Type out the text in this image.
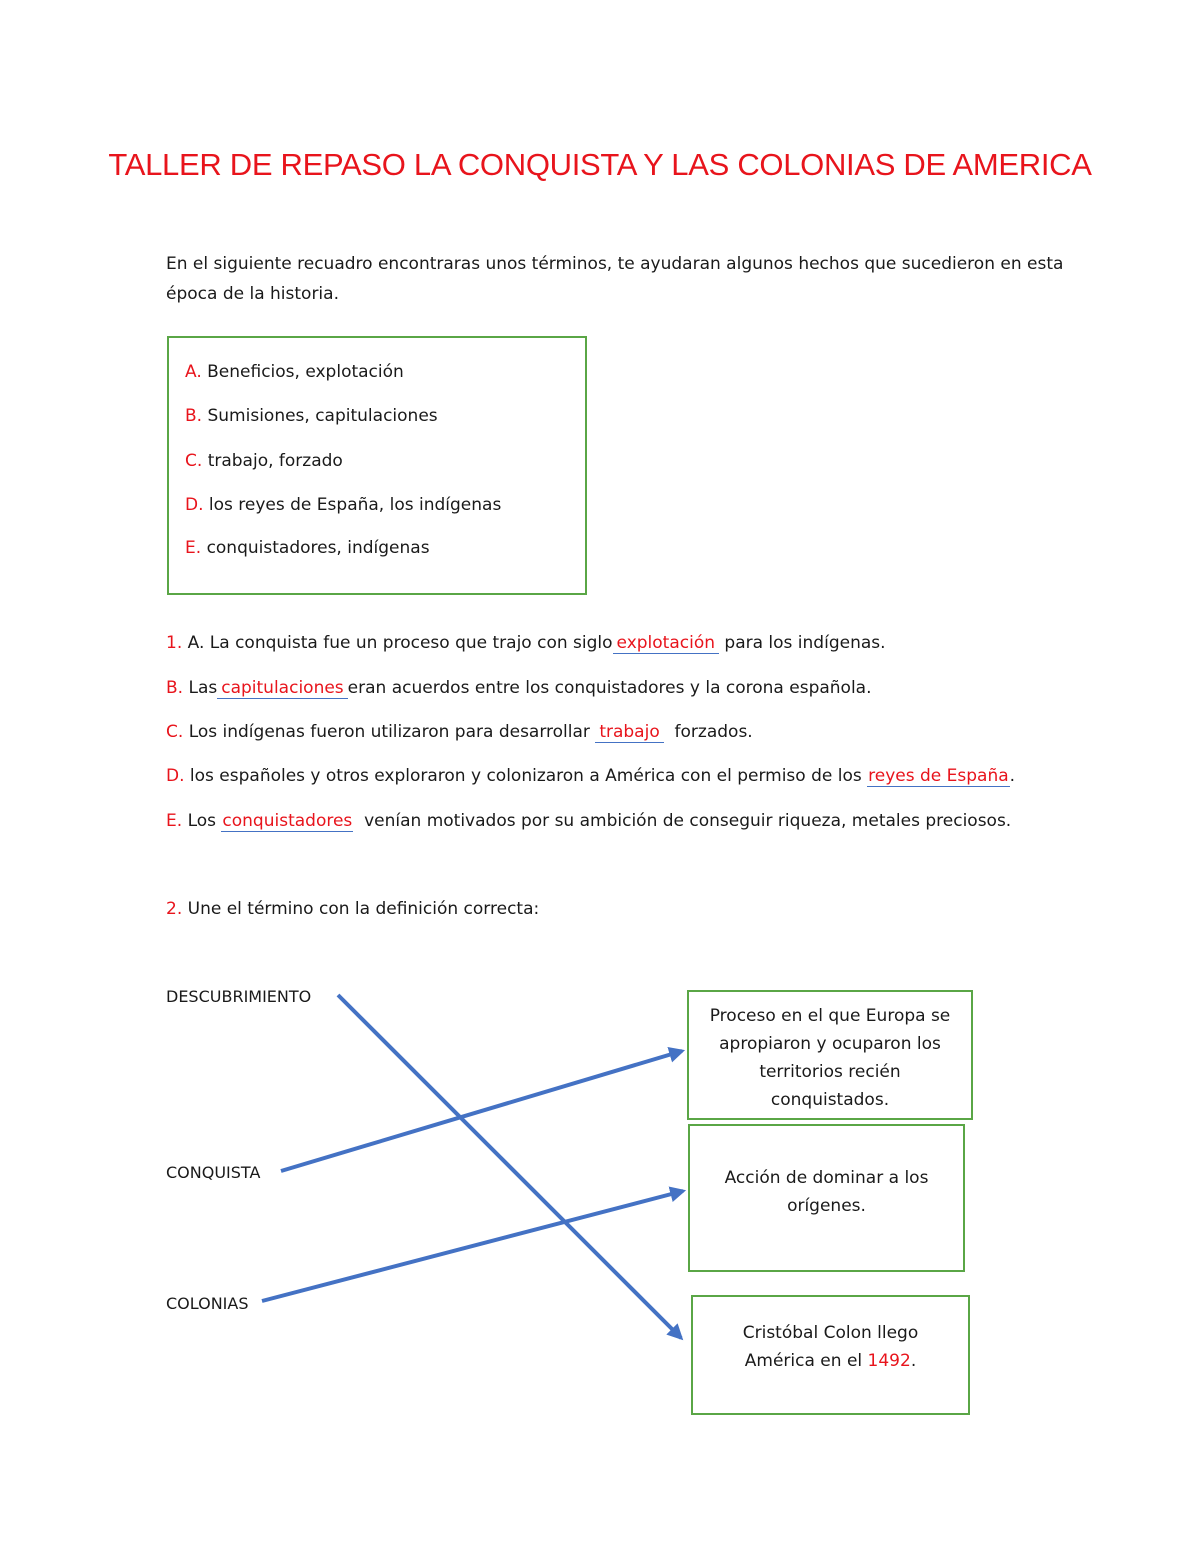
TALLER DE REPASO LA CONQUISTA Y LAS COLONIAS DE AMERICA
En el siguiente recuadro encontraras unos términos, te ayudaran algunos hechos que sucedieron en esta época de la historia.
A. Beneficios, explotación
B. Sumisiones, capitulaciones
C. trabajo, forzado
D. los reyes de España, los indígenas
E. conquistadores, indígenas
1. A. La conquista fue un proceso que trajo con siglo explotación para los indígenas.
B. Las capitulaciones eran acuerdos entre los conquistadores y la corona española.
C. Los indígenas fueron utilizaron para desarrollar trabajo forzados.
D. los españoles y otros exploraron y colonizaron a América con el permiso de los reyes de España.
E. Los conquistadores venían motivados por su ambición de conseguir riqueza, metales preciosos.
2. Une el término con la definición correcta:
DESCUBRIMIENTO
CONQUISTA
COLONIAS
Proceso en el que Europa se apropiaron y ocuparon los territorios recién conquistados.
Acción de dominar a los orígenes.
Cristóbal Colon llego América en el 1492.
